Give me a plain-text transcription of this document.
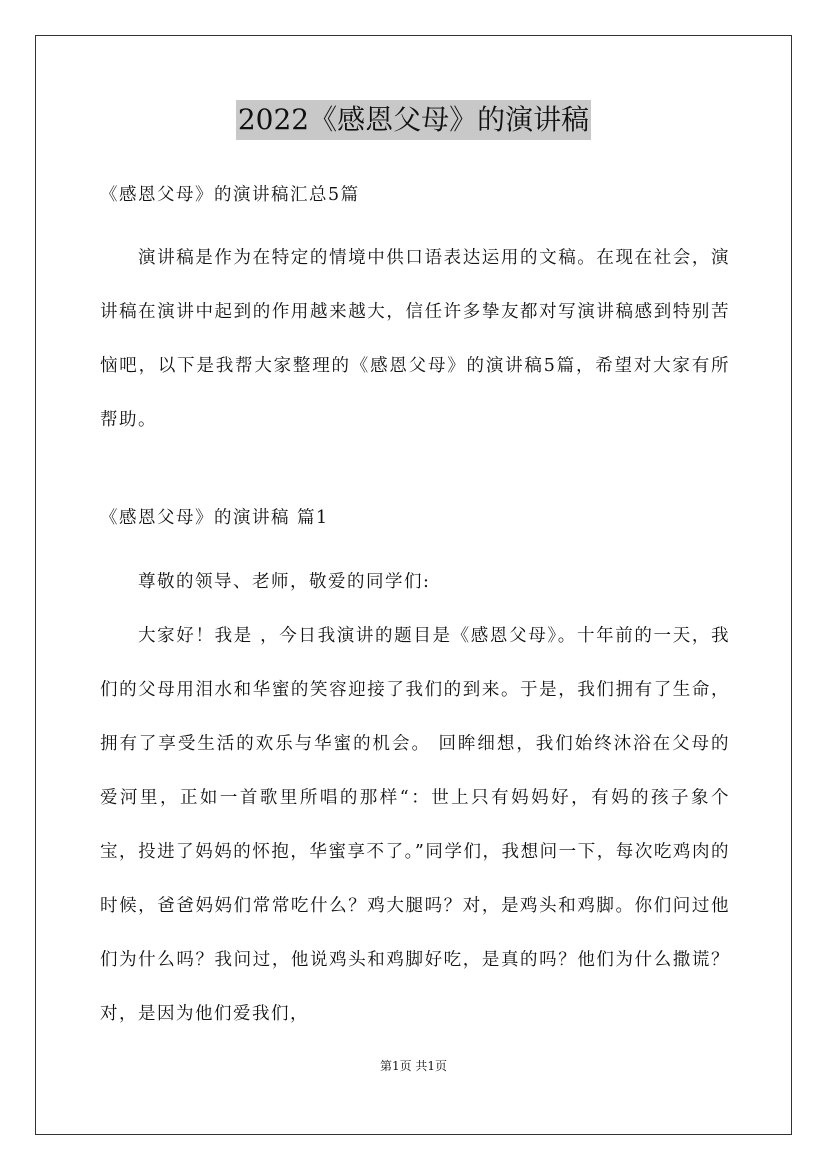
2022《感恩父母》的演讲稿
《感恩父母》的演讲稿汇总5篇
演讲稿是作为在特定的情境中供口语表达运用的文稿。在现在社会，演讲稿在演讲中起到的作用越来越大，信任许多挚友都对写演讲稿感到特别苦恼吧，以下是我帮大家整理的《感恩父母》的演讲稿5篇，希望对大家有所帮助。
《感恩父母》的演讲稿 篇1
尊敬的领导、老师，敬爱的同学们:
大家好！我是 ，今日我演讲的题目是《感恩父母》。十年前的一天，我们的父母用泪水和华蜜的笑容迎接了我们的到来。于是，我们拥有了生命，拥有了享受生活的欢乐与华蜜的机会。 回眸细想，我们始终沐浴在父母的爱河里，正如一首歌里所唱的那样“：世上只有妈妈好，有妈的孩子象个宝，投进了妈妈的怀抱，华蜜享不了。”同学们，我想问一下，每次吃鸡肉的时候，爸爸妈妈们常常吃什么？鸡大腿吗？对，是鸡头和鸡脚。你们问过他们为什么吗？我问过，他说鸡头和鸡脚好吃，是真的吗？他们为什么撒谎？对，是因为他们爱我们，
第1页 共1页
